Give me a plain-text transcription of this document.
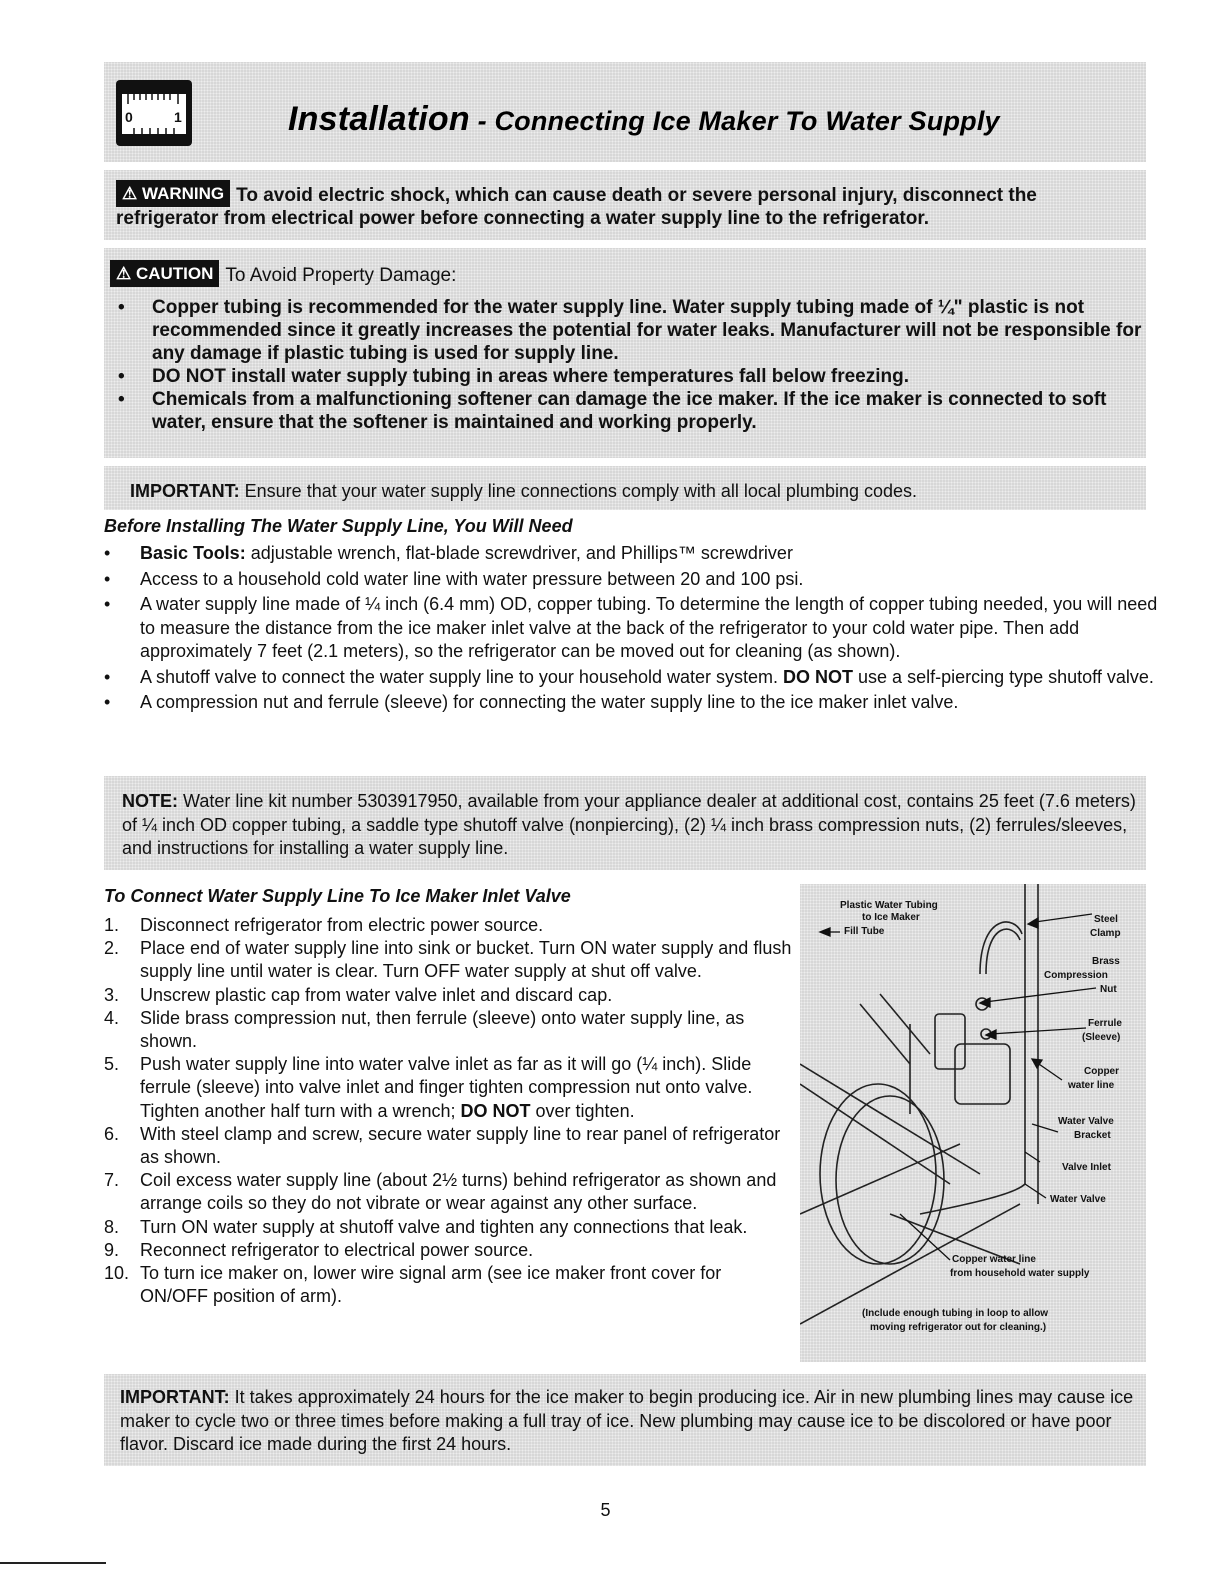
0	1	Installation - Connecting Ice Maker To Water Supply
⚠ WARNING To avoid electric shock, which can cause death or severe personal injury, disconnect the refrigerator from electrical power before connecting a water supply line to the refrigerator.
⚠ CAUTION To Avoid Property Damage:
• Copper tubing is recommended for the water supply line. Water supply tubing made of ¼" plastic is not recommended since it greatly increases the potential for water leaks. Manufacturer will not be responsible for any damage if plastic tubing is used for supply line.
• DO NOT install water supply tubing in areas where temperatures fall below freezing.
• Chemicals from a malfunctioning softener can damage the ice maker. If the ice maker is connected to soft water, ensure that the softener is maintained and working properly.
IMPORTANT: Ensure that your water supply line connections comply with all local plumbing codes.
Before Installing The Water Supply Line, You Will Need
• Basic Tools: adjustable wrench, flat-blade screwdriver, and Phillips™ screwdriver
• Access to a household cold water line with water pressure between 20 and 100 psi.
• A water supply line made of ¼ inch (6.4 mm) OD, copper tubing. To determine the length of copper tubing needed, you will need to measure the distance from the ice maker inlet valve at the back of the refrigerator to your cold water pipe. Then add approximately 7 feet (2.1 meters), so the refrigerator can be moved out for cleaning (as shown).
• A shutoff valve to connect the water supply line to your household water system. DO NOT use a self-piercing type shutoff valve.
• A compression nut and ferrule (sleeve) for connecting the water supply line to the ice maker inlet valve.
NOTE: Water line kit number 5303917950, available from your appliance dealer at additional cost, contains 25 feet (7.6 meters) of ¼ inch OD copper tubing, a saddle type shutoff valve (nonpiercing), (2) ¼ inch brass compression nuts, (2) ferrules/sleeves, and instructions for installing a water supply line.
To Connect Water Supply Line To Ice Maker Inlet Valve
1. Disconnect refrigerator from electric power source.
2. Place end of water supply line into sink or bucket. Turn ON water supply and flush supply line until water is clear. Turn OFF water supply at shut off valve.
3. Unscrew plastic cap from water valve inlet and discard cap.
4. Slide brass compression nut, then ferrule (sleeve) onto water supply line, as shown.
5. Push water supply line into water valve inlet as far as it will go (¼ inch). Slide ferrule (sleeve) into valve inlet and finger tighten compression nut onto valve. Tighten another half turn with a wrench; DO NOT over tighten.
6. With steel clamp and screw, secure water supply line to rear panel of refrigerator as shown.
7. Coil excess water supply line (about 2½ turns) behind refrigerator as shown and arrange coils so they do not vibrate or wear against any other surface.
8. Turn ON water supply at shutoff valve and tighten any connections that leak.
9. Reconnect refrigerator to electrical power source.
10. To turn ice maker on, lower wire signal arm (see ice maker front cover for ON/OFF position of arm).
Plastic Water Tubing
to Ice Maker
Fill Tube
Steel
Clamp
Brass
Compression
Nut
Ferrule
(Sleeve)
Copper
water line
Water Valve
Bracket
Valve Inlet
Water Valve
Copper water line
from household water supply
(Include enough tubing in loop to allow
moving refrigerator out for cleaning.)
IMPORTANT: It takes approximately 24 hours for the ice maker to begin producing ice. Air in new plumbing lines may cause ice maker to cycle two or three times before making a full tray of ice. New plumbing may cause ice to be discolored or have poor flavor. Discard ice made during the first 24 hours.
5
